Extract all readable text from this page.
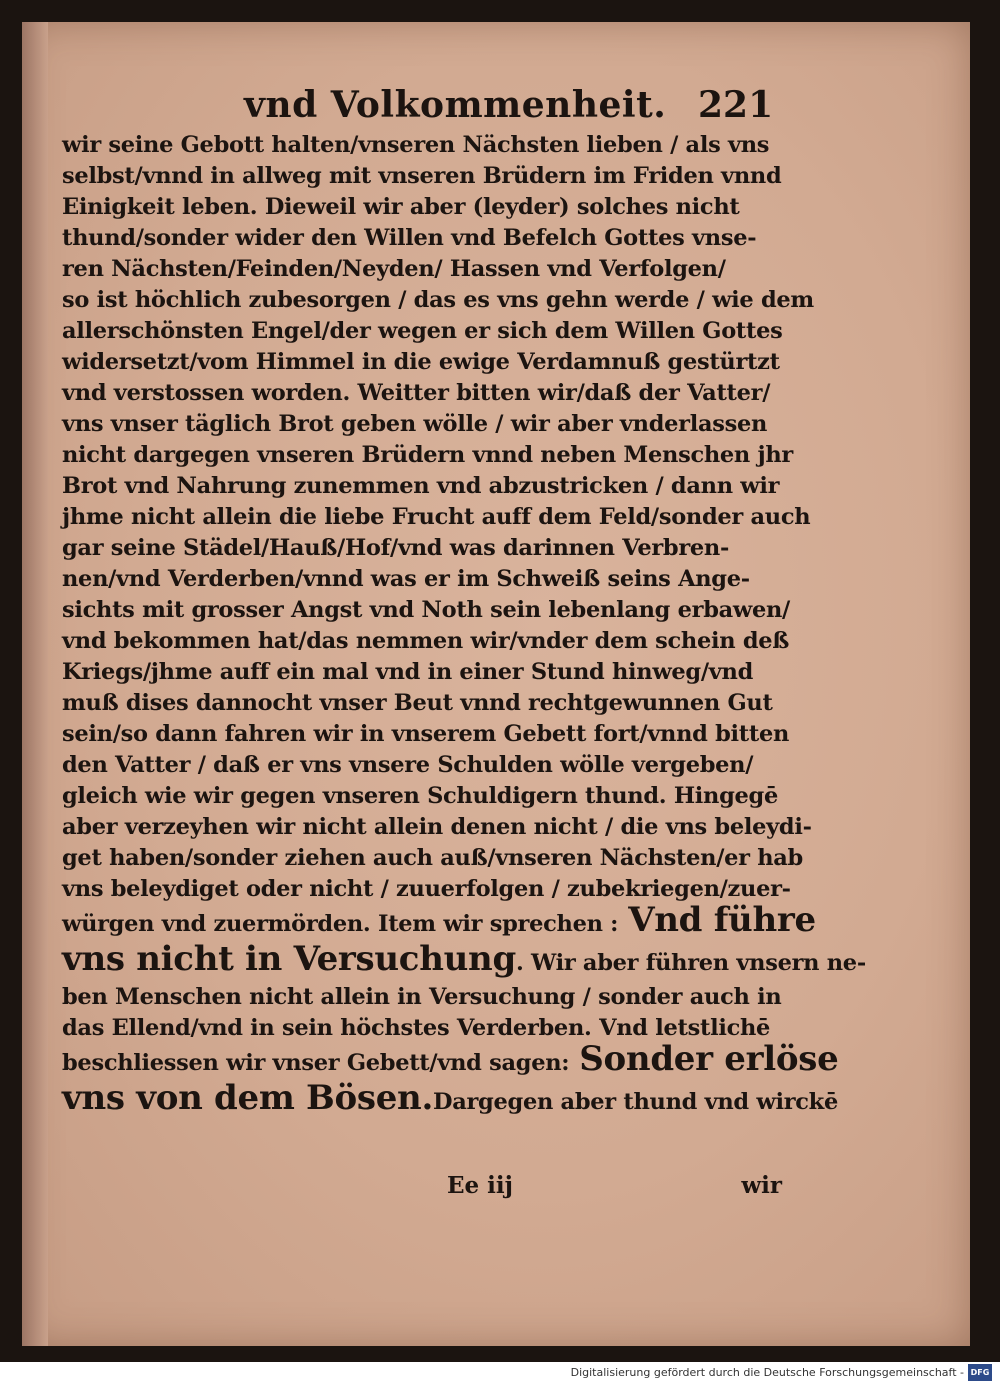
vnd Volkommenheit. 221
wir seine Gebott halten/vnseren Nächsten lieben / als vns
selbst/vnnd in allweg mit vnseren Brüdern im Friden vnnd
Einigkeit leben. Dieweil wir aber (leyder) solches nicht
thund/sonder wider den Willen vnd Befelch Gottes vnse-
ren Nächsten/Feinden/Neyden/ Hassen vnd Verfolgen/
so ist höchlich zubesorgen / das es vns gehn werde / wie dem
allerschönsten Engel/der wegen er sich dem Willen Gottes
widersetzt/vom Himmel in die ewige Verdamnuß gestürtzt
vnd verstossen worden. Weitter bitten wir/daß der Vatter/
vns vnser täglich Brot geben wölle / wir aber vnderlassen
nicht dargegen vnseren Brüdern vnnd neben Menschen jhr
Brot vnd Nahrung zunemmen vnd abzustricken / dann wir
jhme nicht allein die liebe Frucht auff dem Feld/sonder auch
gar seine Städel/Hauß/Hof/vnd was darinnen Verbren-
nen/vnd Verderben/vnnd was er im Schweiß seins Ange-
sichts mit grosser Angst vnd Noth sein lebenlang erbawen/
vnd bekommen hat/das nemmen wir/vnder dem schein deß
Kriegs/jhme auff ein mal vnd in einer Stund hinweg/vnd
muß dises dannocht vnser Beut vnnd rechtgewunnen Gut
sein/so dann fahren wir in vnserem Gebett fort/vnnd bitten
den Vatter / daß er vns vnsere Schulden wölle vergeben/
gleich wie wir gegen vnseren Schuldigern thund. Hingegē
aber verzeyhen wir nicht allein denen nicht / die vns beleydi-
get haben/sonder ziehen auch auß/vnseren Nächsten/er hab
vns beleydiget oder nicht / zuuerfolgen / zubekriegen/zuer-
würgen vnd zuermörden. Item wir sprechen : Vnd führe
vns nicht in Versuchung. Wir aber führen vnsern ne-
ben Menschen nicht allein in Versuchung / sonder auch in
das Ellend/vnd in sein höchstes Verderben. Vnd letstlichē
beschliessen wir vnser Gebett/vnd sagen: Sonder erlöse
vns von dem Bösen.Dargegen aber thund vnd wirckē
Ee iij	wir
Digitalisierung gefördert durch die Deutsche Forschungsgemeinschaft - DFG
